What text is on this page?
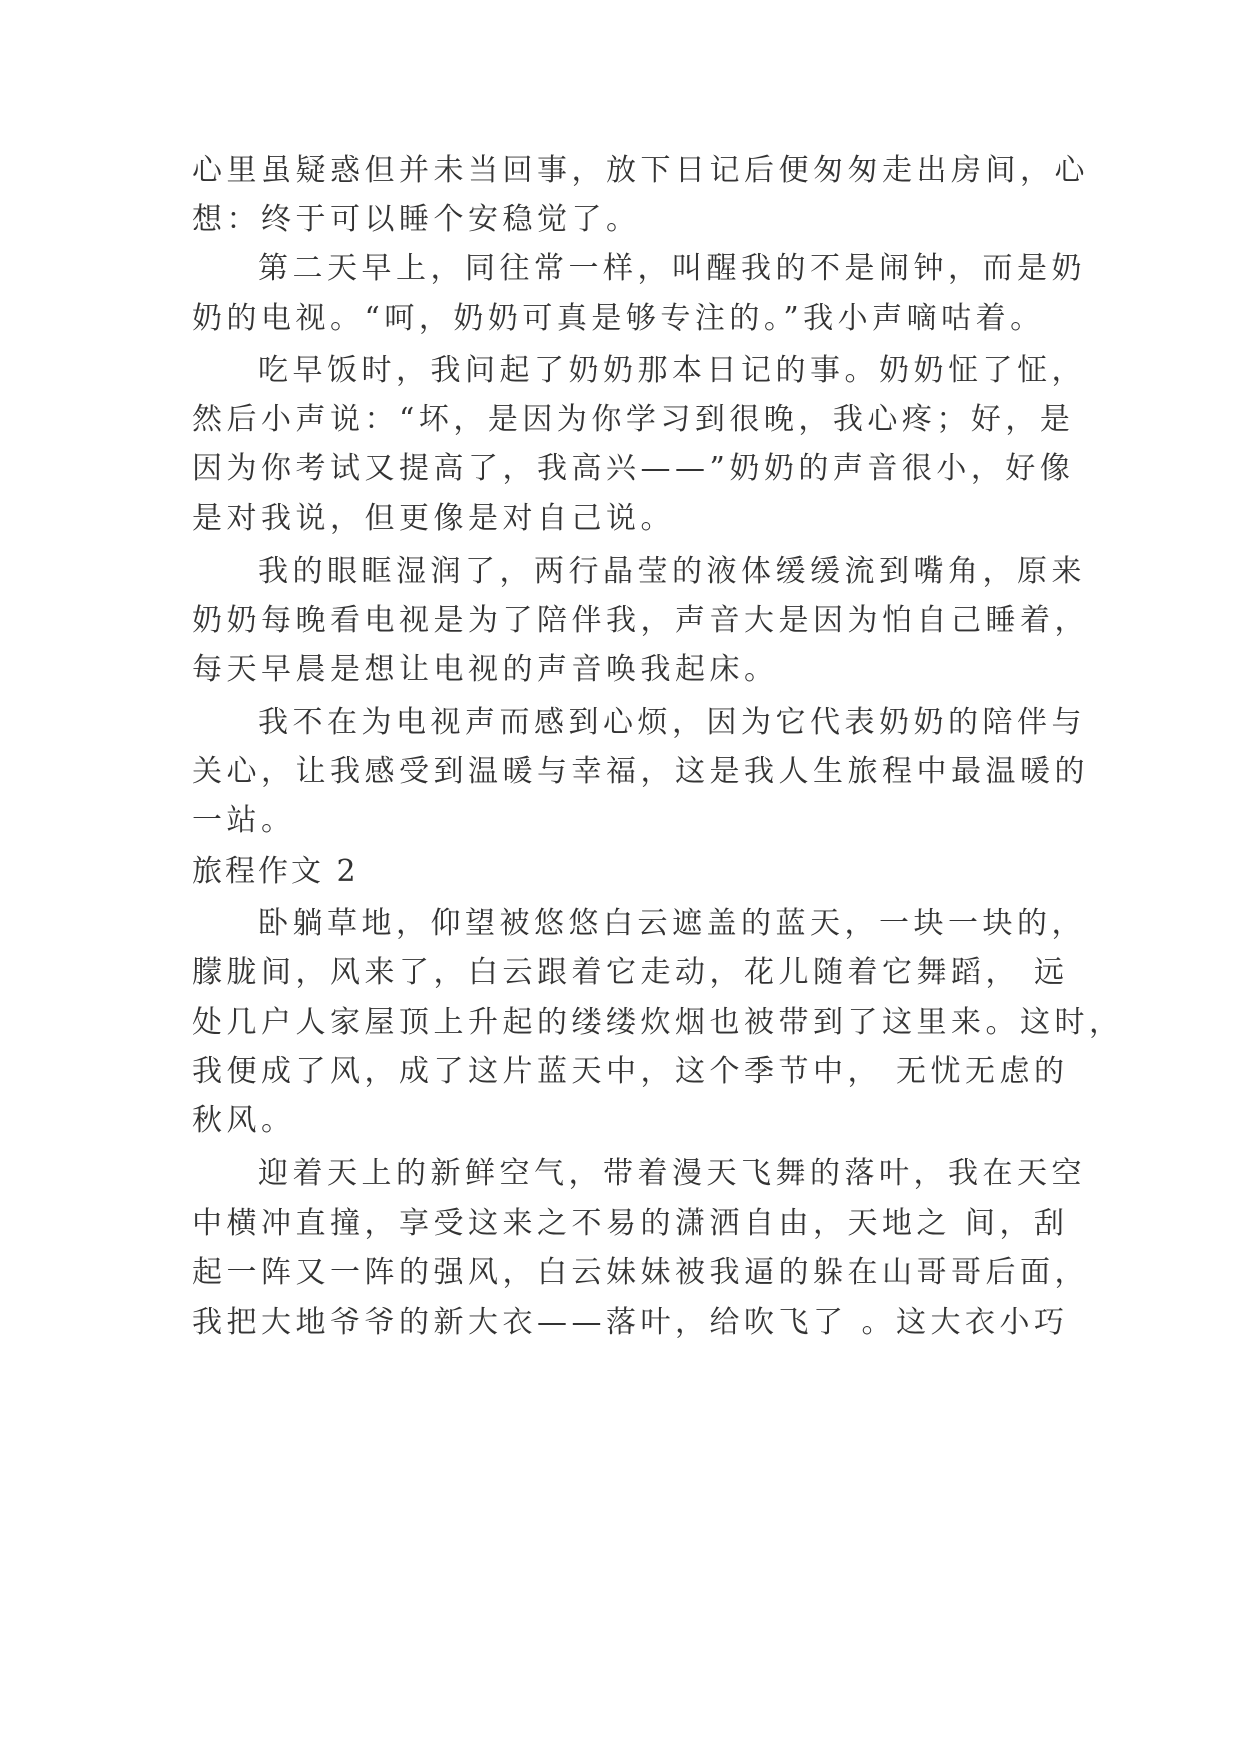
心里虽疑惑但并未当回事，放下日记后便匆匆走出房间，心
想：终于可以睡个安稳觉了。
第二天早上，同往常一样，叫醒我的不是闹钟，而是奶
奶的电视。“呵，奶奶可真是够专注的。”我小声嘀咕着。
吃早饭时，我问起了奶奶那本日记的事。奶奶怔了怔，
然后小声说：“坏，是因为你学习到很晚，我心疼；好，是
因为你考试又提高了，我高兴——”奶奶的声音很小，好像
是对我说，但更像是对自己说。
我的眼眶湿润了，两行晶莹的液体缓缓流到嘴角，原来
奶奶每晚看电视是为了陪伴我，声音大是因为怕自己睡着，
每天早晨是想让电视的声音唤我起床。
我不在为电视声而感到心烦，因为它代表奶奶的陪伴与
关心，让我感受到温暖与幸福，这是我人生旅程中最温暖的
一站。
旅程作文 2
卧躺草地，仰望被悠悠白云遮盖的蓝天，一块一块的，
朦胧间，风来了，白云跟着它走动，花儿随着它舞蹈， 远
处几户人家屋顶上升起的缕缕炊烟也被带到了这里来。这时，
我便成了风，成了这片蓝天中，这个季节中， 无忧无虑的
秋风。
迎着天上的新鲜空气，带着漫天飞舞的落叶，我在天空
中横冲直撞，享受这来之不易的潇洒自由，天地之 间，刮
起一阵又一阵的强风，白云妹妹被我逼的躲在山哥哥后面，
我把大地爷爷的新大衣——落叶，给吹飞了 。这大衣小巧
